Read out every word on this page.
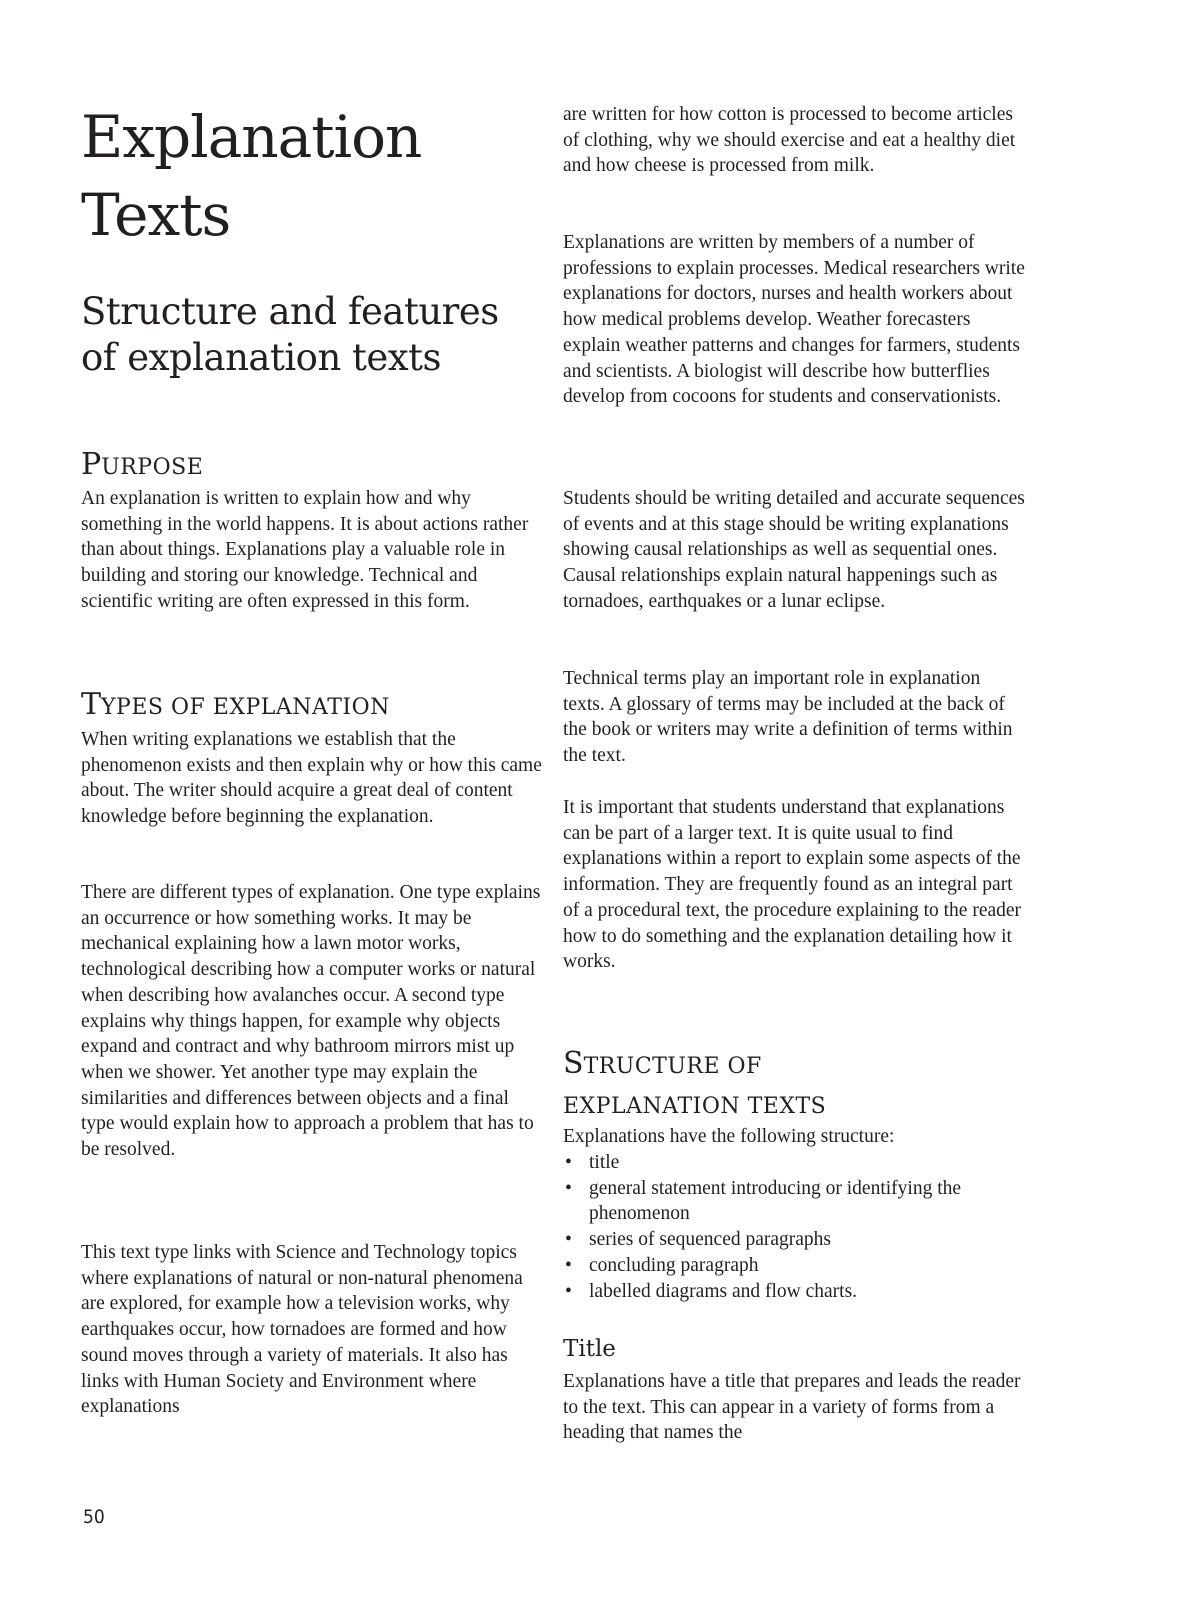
Explanation
Texts
Structure and features
of explanation texts
PURPOSE

An explanation is written to explain how and why something in the world happens. It is about actions rather than about things. Explanations play a valuable role in building and storing our knowledge. Technical and scientific writing are often expressed in this form.

TYPES OF EXPLANATION

When writing explanations we establish that the phenomenon exists and then explain why or how this came about. The writer should acquire a great deal of content knowledge before beginning the explanation.

There are different types of explanation. One type explains an occurrence or how something works. It may be mechanical explaining how a lawn motor works, technological describing how a computer works or natural when describing how avalanches occur. A second type explains why things happen, for example why objects expand and contract and why bathroom mirrors mist up when we shower. Yet another type may explain the similarities and differences between objects and a final type would explain how to approach a problem that has to be resolved.

This text type links with Science and Technology topics where explanations of natural or non-natural phenomena are explored, for example how a television works, why earthquakes occur, how tornadoes are formed and how sound moves through a variety of materials. It also has links with Human Society and Environment where explanations

are written for how cotton is processed to become articles of clothing, why we should exercise and eat a healthy diet and how cheese is processed from milk.

Explanations are written by members of a number of professions to explain processes. Medical researchers write explanations for doctors, nurses and health workers about how medical problems develop. Weather forecasters explain weather patterns and changes for farmers, students and scientists. A biologist will describe how butterflies develop from cocoons for students and conservationists.

Students should be writing detailed and accurate sequences of events and at this stage should be writing explanations showing causal relationships as well as sequential ones. Causal relationships explain natural happenings such as tornadoes, earthquakes or a lunar eclipse.

Technical terms play an important role in explanation texts. A glossary of terms may be included at the back of the book or writers may write a definition of terms within the text.

It is important that students understand that explanations can be part of a larger text. It is quite usual to find explanations within a report to explain some aspects of the information. They are frequently found as an integral part of a procedural text, the procedure explaining to the reader how to do something and the explanation detailing how it works.

STRUCTURE OF
EXPLANATION TEXTS

Explanations have the following structure:

• title
• general statement introducing or identifying the phenomenon
• series of sequenced paragraphs
• concluding paragraph
• labelled diagrams and flow charts.
Title

Explanations have a title that prepares and leads the reader to the text. This can appear in a variety of forms from a heading that names the

50
